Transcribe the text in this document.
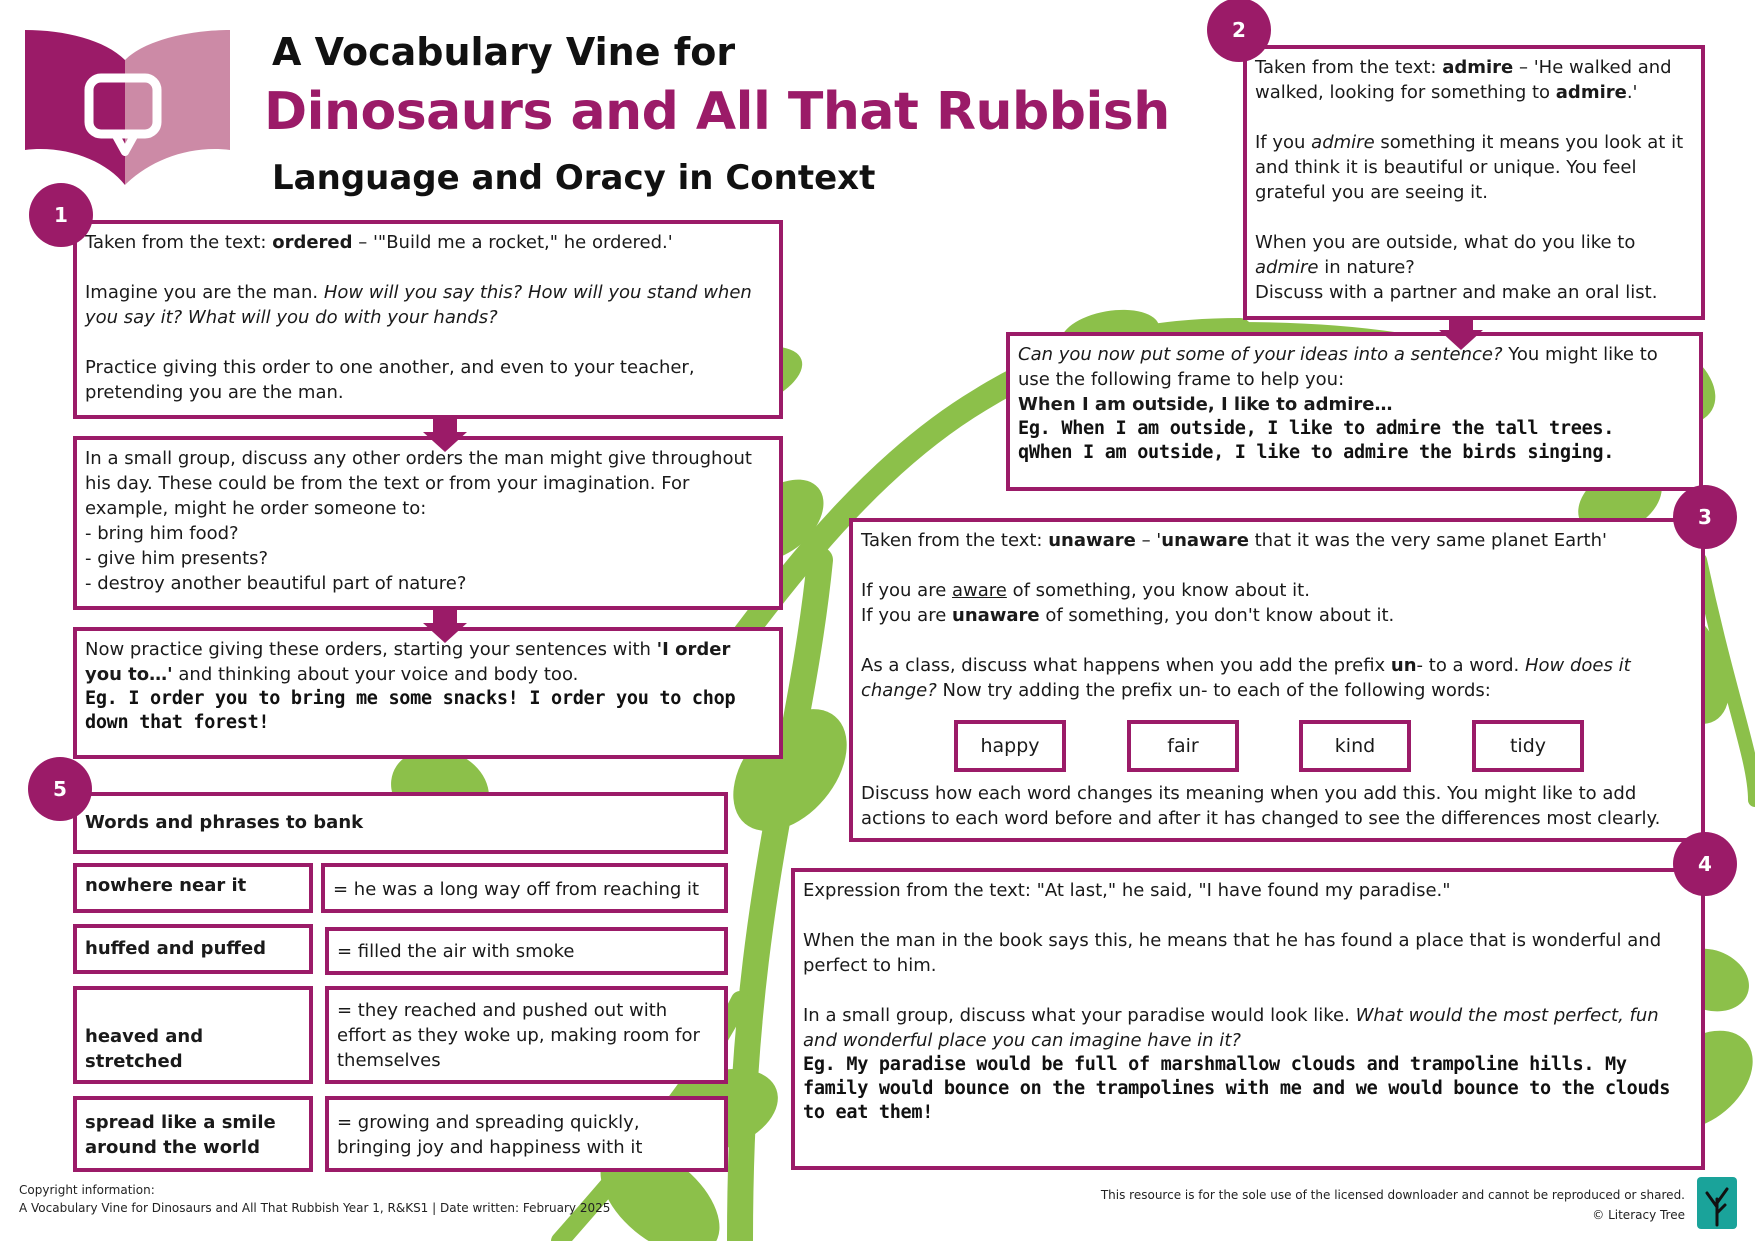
A Vocabulary Vine for
Dinosaurs and All That Rubbish
Language and Oracy in Context

Taken from the text: ordered – '"Build me a rocket," he ordered.'

Imagine you are the man. How will you say this? How will you stand when you say it? What will you do with your hands?

Practice giving this order to one another, and even to your teacher, pretending you are the man.

In a small group, discuss any other orders the man might give throughout his day. These could be from the text or from your imagination. For example, might he order someone to:

- bring him food?

- give him presents?

- destroy another beautiful part of nature?

Now practice giving these orders, starting your sentences with 'I order you to…' and thinking about your voice and body too.

Eg. I order you to bring me some snacks! I order you to chop down that forest!

1

Taken from the text: admire – 'He walked and walked, looking for something to admire.'

If you admire something it means you look at it and think it is beautiful or unique. You feel grateful you are seeing it.

When you are outside, what do you like to admire in nature?

Discuss with a partner and make an oral list.

Can you now put some of your ideas into a sentence? You might like to use the following frame to help you:

When I am outside, I like to admire…

Eg. When I am outside, I like to admire the tall trees.

qWhen I am outside, I like to admire the birds singing.

2

Taken from the text: unaware – 'unaware that it was the very same planet Earth'

If you are aware of something, you know about it.

If you are unaware of something, you don't know about it.

As a class, discuss what happens when you add the prefix un- to a word. How does it change? Now try adding the prefix un- to each of the following words:

Discuss how each word changes its meaning when you add this. You might like to add actions to each word before and after it has changed to see the differences most clearly.

happy	fair	kind	tidy
3

Expression from the text: "At last," he said, "I have found my paradise."

When the man in the book says this, he means that he has found a place that is wonderful and perfect to him.

In a small group, discuss what your paradise would look like. What would the most perfect, fun and wonderful place you can imagine have in it?

Eg. My paradise would be full of marshmallow clouds and trampoline hills. My family would bounce on the trampolines with me and we would bounce to the clouds to eat them!

4
Words and phrases to bank
5
nowhere near it	= he was a long way off from reaching it
huffed and puffed	= filled the air with smoke
heaved and stretched
= they reached and pushed out with effort as they woke up, making room for themselves
spread like a smile around the world
= growing and spreading quickly, bringing joy and happiness with it
Copyright information:
A Vocabulary Vine for Dinosaurs and All That Rubbish Year 1, R&KS1 | Date written: February 2025
This resource is for the sole use of the licensed downloader and cannot be reproduced or shared.
© Literacy Tree
